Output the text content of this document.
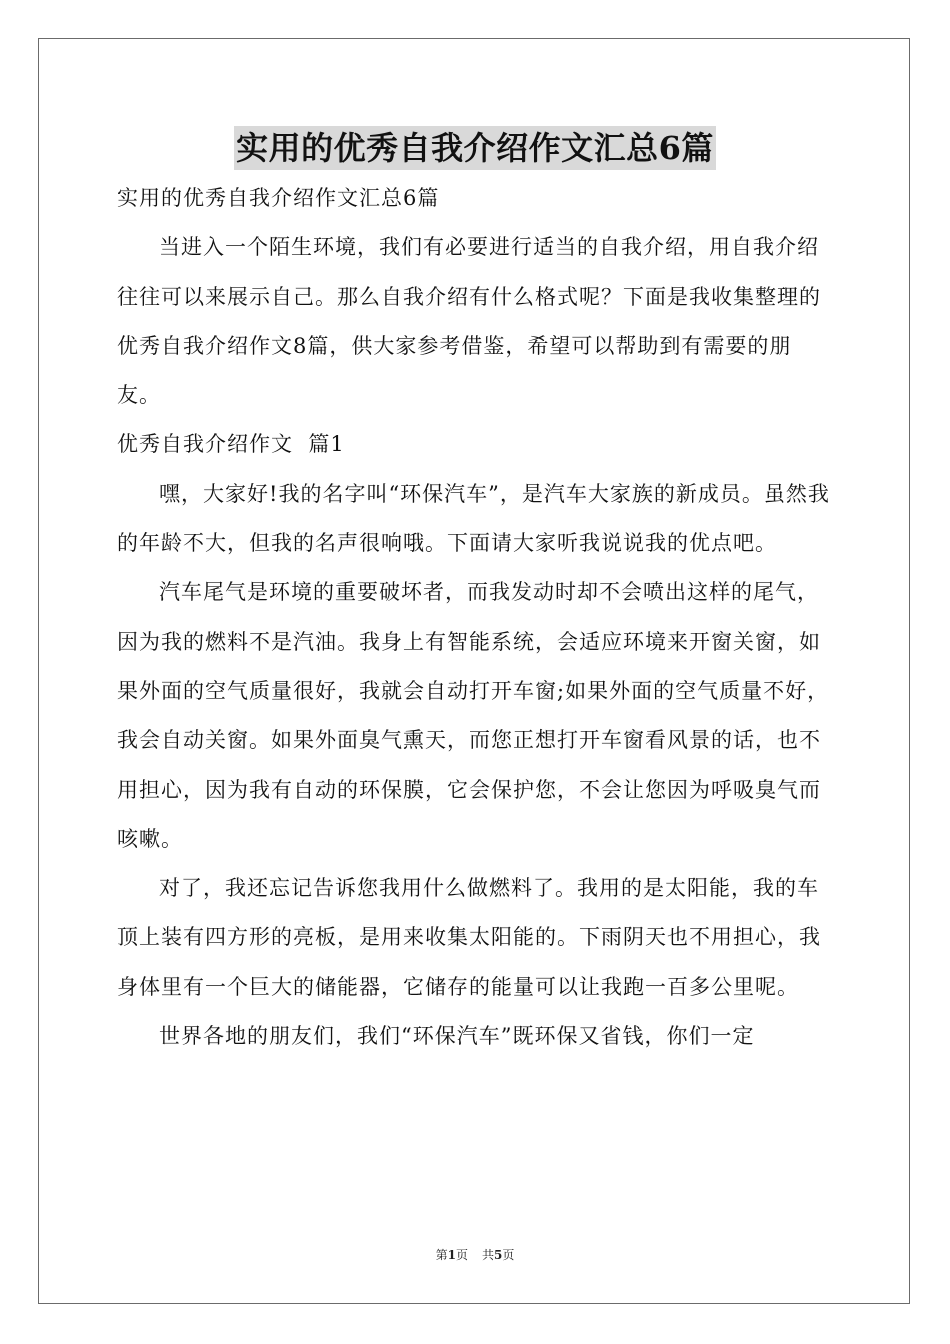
实用的优秀自我介绍作文汇总6篇

实用的优秀自我介绍作文汇总6篇

当进入一个陌生环境，我们有必要进行适当的自我介绍，用自我介绍往往可以来展示自己。那么自我介绍有什么格式呢？下面是我收集整理的优秀自我介绍作文8篇，供大家参考借鉴，希望可以帮助到有需要的朋友。

优秀自我介绍作文  篇1

嘿，大家好!我的名字叫“环保汽车”，是汽车大家族的新成员。虽然我的年龄不大，但我的名声很响哦。下面请大家听我说说我的优点吧。

汽车尾气是环境的重要破坏者，而我发动时却不会喷出这样的尾气，因为我的燃料不是汽油。我身上有智能系统，会适应环境来开窗关窗，如果外面的空气质量很好，我就会自动打开车窗;如果外面的空气质量不好，我会自动关窗。如果外面臭气熏天，而您正想打开车窗看风景的话，也不用担心，因为我有自动的环保膜，它会保护您，不会让您因为呼吸臭气而咳嗽。

对了，我还忘记告诉您我用什么做燃料了。我用的是太阳能，我的车顶上装有四方形的亮板，是用来收集太阳能的。下雨阴天也不用担心，我身体里有一个巨大的储能器，它储存的能量可以让我跑一百多公里呢。

世界各地的朋友们，我们“环保汽车”既环保又省钱，你们一定

第1页 共5页
